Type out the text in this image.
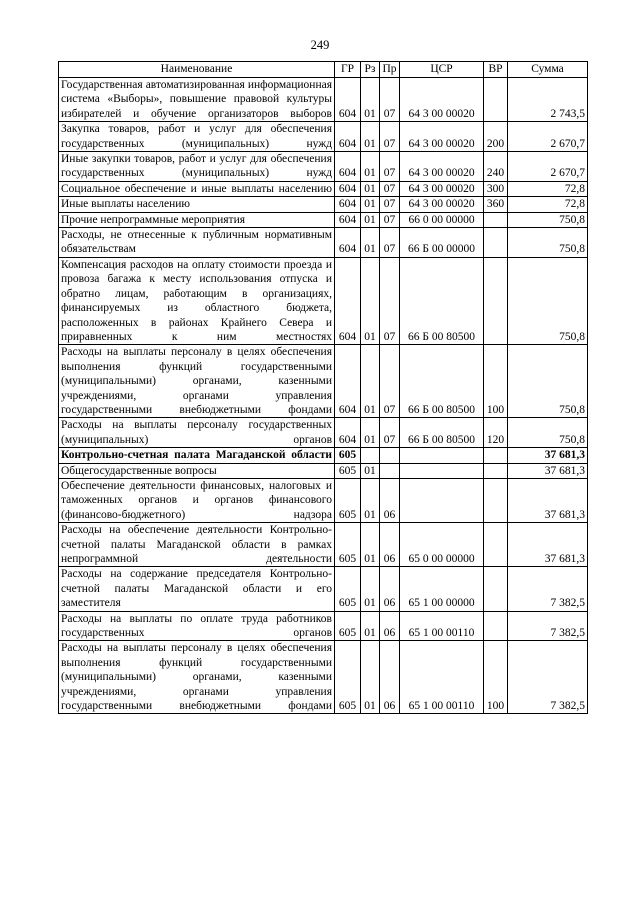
249
Наименование	ГР	Рз	Пр	ЦСР	ВР	Сумма
Государственная автоматизированная информационная система «Выборы», повышение правовой культуры избирателей и обучение организаторов выборов	604	01	07	64 3 00 00020		2 743,5
Закупка товаров, работ и услуг для обеспечения государственных (муниципальных) нужд	604	01	07	64 3 00 00020	200	2 670,7
Иные закупки товаров, работ и услуг для обеспечения государственных (муниципальных) нужд	604	01	07	64 3 00 00020	240	2 670,7
Социальное обеспечение и иные выплаты населению	604	01	07	64 3 00 00020	300	72,8
Иные выплаты населению	604	01	07	64 3 00 00020	360	72,8
Прочие непрограммные мероприятия	604	01	07	66 0 00 00000		750,8
Расходы, не отнесенные к публичным нормативным обязательствам	604	01	07	66 Б 00 00000		750,8
Компенсация расходов на оплату стоимости проезда и провоза багажа к месту использования отпуска и обратно лицам, работающим в организациях, финансируемых из областного бюджета, расположенных в районах Крайнего Севера и приравненных к ним местностях	604	01	07	66 Б 00 80500		750,8
Расходы на выплаты персоналу в целях обеспечения выполнения функций государственными (муниципальными) органами, казенными учреждениями, органами управления государственными внебюджетными фондами	604	01	07	66 Б 00 80500	100	750,8
Расходы на выплаты персоналу государственных (муниципальных) органов	604	01	07	66 Б 00 80500	120	750,8
Контрольно-счетная палата Магаданской области	605					37 681,3
Общегосударственные вопросы	605	01				37 681,3
Обеспечение деятельности финансовых, налоговых и таможенных органов и органов финансового (финансово-бюджетного) надзора	605	01	06			37 681,3
Расходы на обеспечение деятельности Контрольно-счетной палаты Магаданской области в рамках непрограммной деятельности	605	01	06	65 0 00 00000		37 681,3
Расходы на содержание председателя Контрольно-счетной палаты Магаданской области и его заместителя	605	01	06	65 1 00 00000		7 382,5
Расходы на выплаты по оплате труда работников государственных органов	605	01	06	65 1 00 00110		7 382,5
Расходы на выплаты персоналу в целях обеспечения выполнения функций государственными (муниципальными) органами, казенными учреждениями, органами управления государственными внебюджетными фондами	605	01	06	65 1 00 00110	100	7 382,5
